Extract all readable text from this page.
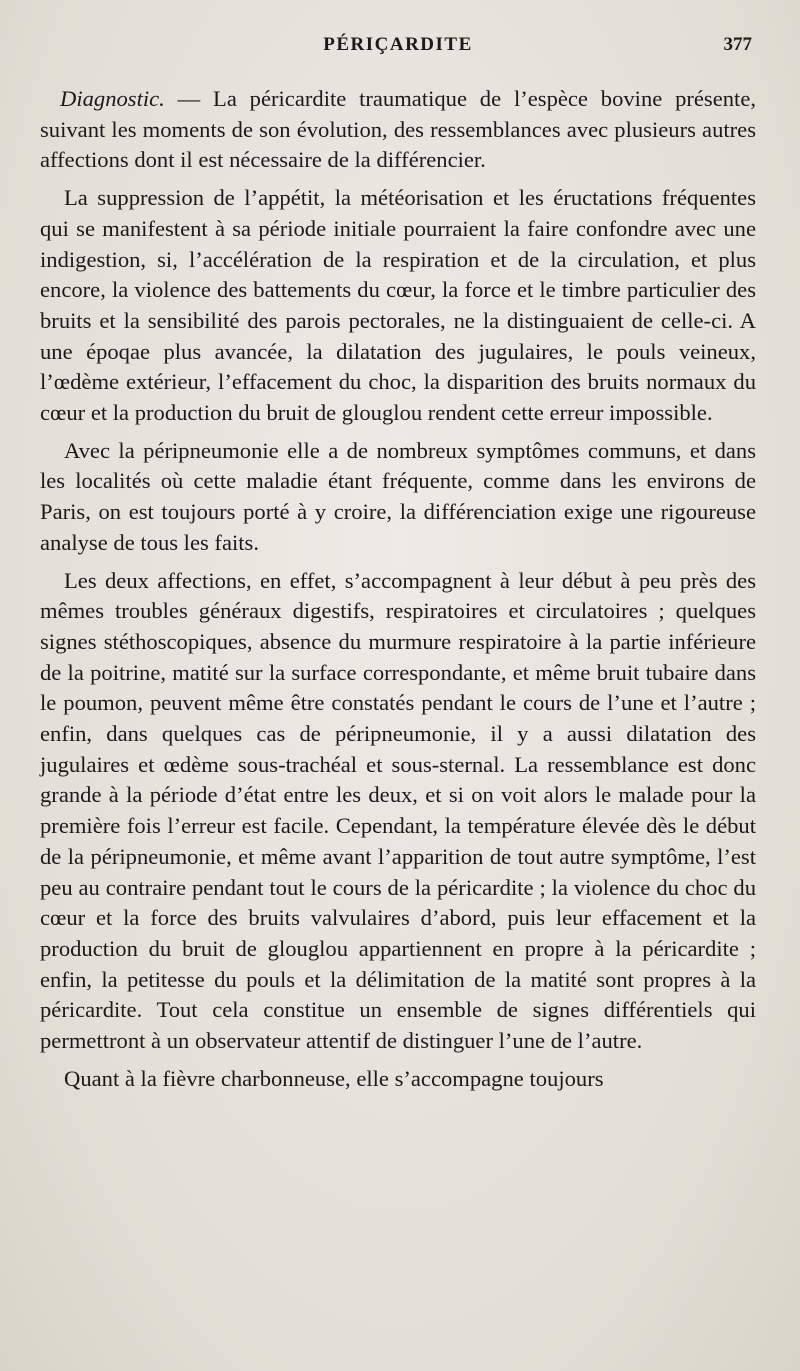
PÉRIÇARDITE	377

Diagnostic. — La péricardite traumatique de l’espèce bovine présente, suivant les moments de son évolution, des ressemblances avec plusieurs autres affections dont il est nécessaire de la différencier.

La suppression de l’appétit, la météorisation et les éructations fréquentes qui se manifestent à sa période initiale pourraient la faire confondre avec une indigestion, si, l’accélération de la respiration et de la circulation, et plus encore, la violence des battements du cœur, la force et le timbre particulier des bruits et la sensibilité des parois pectorales, ne la distinguaient de celle-ci. A une époqae plus avancée, la dilatation des jugulaires, le pouls veineux, l’œdème extérieur, l’effacement du choc, la disparition des bruits normaux du cœur et la production du bruit de glouglou rendent cette erreur impossible.

Avec la péripneumonie elle a de nombreux symptômes communs, et dans les localités où cette maladie étant fréquente, comme dans les environs de Paris, on est toujours porté à y croire, la différenciation exige une rigoureuse analyse de tous les faits.

Les deux affections, en effet, s’accompagnent à leur début à peu près des mêmes troubles généraux digestifs, respiratoires et circulatoires ; quelques signes stéthoscopiques, absence du murmure respiratoire à la partie inférieure de la poitrine, matité sur la surface correspondante, et même bruit tubaire dans le poumon, peuvent même être constatés pendant le cours de l’une et l’autre ; enfin, dans quelques cas de péripneumonie, il y a aussi dilatation des jugulaires et œdème sous-trachéal et sous-sternal. La ressemblance est donc grande à la période d’état entre les deux, et si on voit alors le malade pour la première fois l’erreur est facile. Cependant, la température élevée dès le début de la péripneumonie, et même avant l’apparition de tout autre symptôme, l’est peu au contraire pendant tout le cours de la péricardite ; la violence du choc du cœur et la force des bruits valvulaires d’abord, puis leur effacement et la production du bruit de glouglou appartiennent en propre à la péricardite ; enfin, la petitesse du pouls et la délimitation de la matité sont propres à la péricardite. Tout cela constitue un ensemble de signes différentiels qui permettront à un observateur attentif de distinguer l’une de l’autre.

Quant à la fièvre charbonneuse, elle s’accompagne toujours
